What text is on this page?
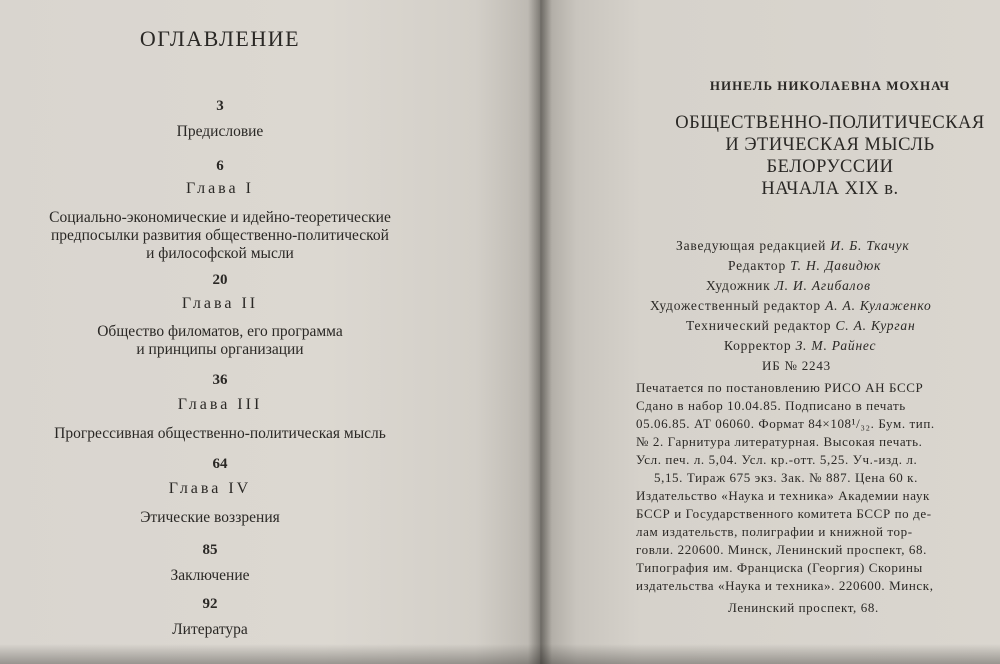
ОГЛАВЛЕНИЕ
3
Предисловие
6
Глава I
Социально-экономические и идейно-теоретические
предпосылки развития общественно-политической
и философской мысли
20
Глава II
Общество филоматов, его программа
и принципы организации
36
Глава III
Прогрессивная общественно-политическая мысль
64
Глава IV
Этические воззрения
85
Заключение
92
Литература
НИНЕЛЬ НИКОЛАЕВНА МОХНАЧ
ОБЩЕСТВЕННО-ПОЛИТИЧЕСКАЯ
И ЭТИЧЕСКАЯ МЫСЛЬ
БЕЛОРУССИИ
НАЧАЛА XIX в.
Заведующая редакцией И. Б. Ткачук
Редактор Т. Н. Давидюк
Художник Л. И. Агибалов
Художественный редактор А. А. Кулаженко
Технический редактор С. А. Курган
Корректор З. М. Райнес
ИБ № 2243
Печатается по постановлению РИСО АН БССР
Сдано в набор 10.04.85. Подписано в печать
05.06.85. АТ 06060. Формат 84×108¹/₃₂. Бум. тип.
№ 2. Гарнитура литературная. Высокая печать.
Усл. печ. л. 5,04. Усл. кр.-отт. 5,25. Уч.-изд. л.
5,15. Тираж 675 экз. Зак. № 887. Цена 60 к.
Издательство «Наука и техника» Академии наук
БССР и Государственного комитета БССР по де-
лам издательств, полиграфии и книжной тор-
говли. 220600. Минск, Ленинский проспект, 68.
Типография им. Франциска (Георгия) Скорины
издательства «Наука и техника». 220600. Минск,
Ленинский проспект, 68.
